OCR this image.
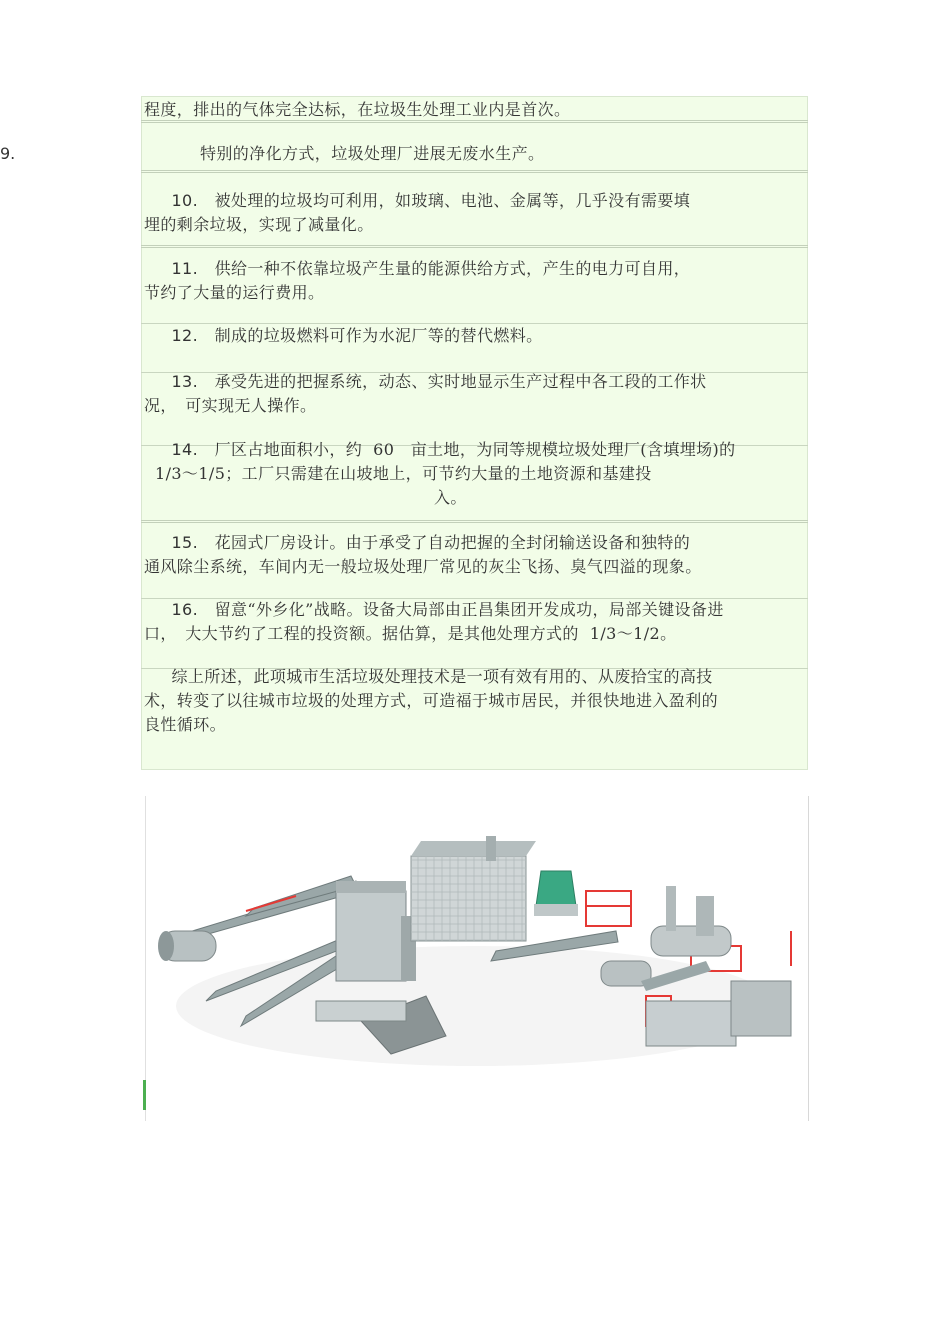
程度，排出的气体完全达标，在垃圾生处理工业内是首次。

9.	特别的净化方式，垃圾处理厂进展无废水生产。

10. 被处理的垃圾均可利用，如玻璃、电池、金属等，几乎没有需要填
埋的剩余垃圾，实现了减量化。

11. 供给一种不依靠垃圾产生量的能源供给方式，产生的电力可自用，
节约了大量的运行费用。

12. 制成的垃圾燃料可作为水泥厂等的替代燃料。

13. 承受先进的把握系统，动态、实时地显示生产过程中各工段的工作状
况，　可实现无人操作。

14. 厂区占地面积小，约  60　亩土地，为同等规模垃圾处理厂(含填埋场)的
1/3～1/5；工厂只需建在山坡地上，可节约大量的土地资源和基建投
入。

15. 花园式厂房设计。由于承受了自动把握的全封闭输送设备和独特的
通风除尘系统，车间内无一般垃圾处理厂常见的灰尘飞扬、臭气四溢的现象。

16. 留意“外乡化”战略。设备大局部由正昌集团开发成功，局部关键设备进
口，　大大节约了工程的投资额。据估算，是其他处理方式的  1/3～1/2。

综上所述，此项城市生活垃圾处理技术是一项有效有用的、从废拾宝的高技
术，转变了以往城市垃圾的处理方式，可造福于城市居民，并很快地进入盈利的
良性循环。
